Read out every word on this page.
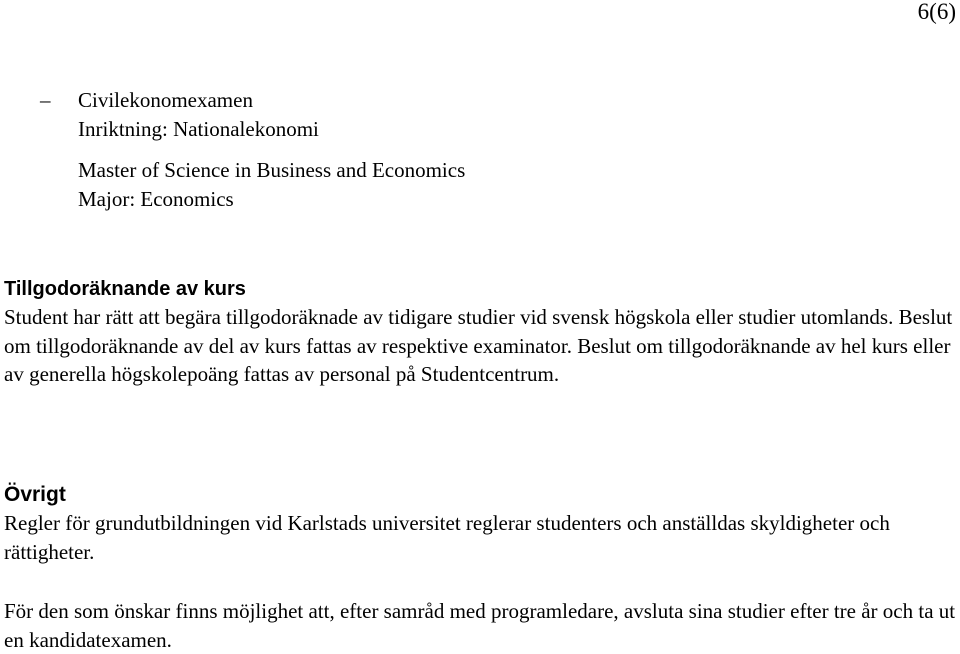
6(6)
–	Civilekonomexamen
Inriktning: Nationalekonomi
Master of Science in Business and Economics
Major: Economics
Tillgodoräknande av kurs

Student har rätt att begära tillgodoräknade av tidigare studier vid svensk högskola eller studier utomlands. Beslut om tillgodoräknande av del av kurs fattas av respektive examinator. Beslut om tillgodoräknande av hel kurs eller av generella högskolepoäng fattas av personal på Studentcentrum.

Övrigt

Regler för grundutbildningen vid Karlstads universitet reglerar studenters och anställdas skyldigheter och rättigheter.

För den som önskar finns möjlighet att, efter samråd med programledare, avsluta sina studier efter tre år och ta ut en kandidatexamen.
